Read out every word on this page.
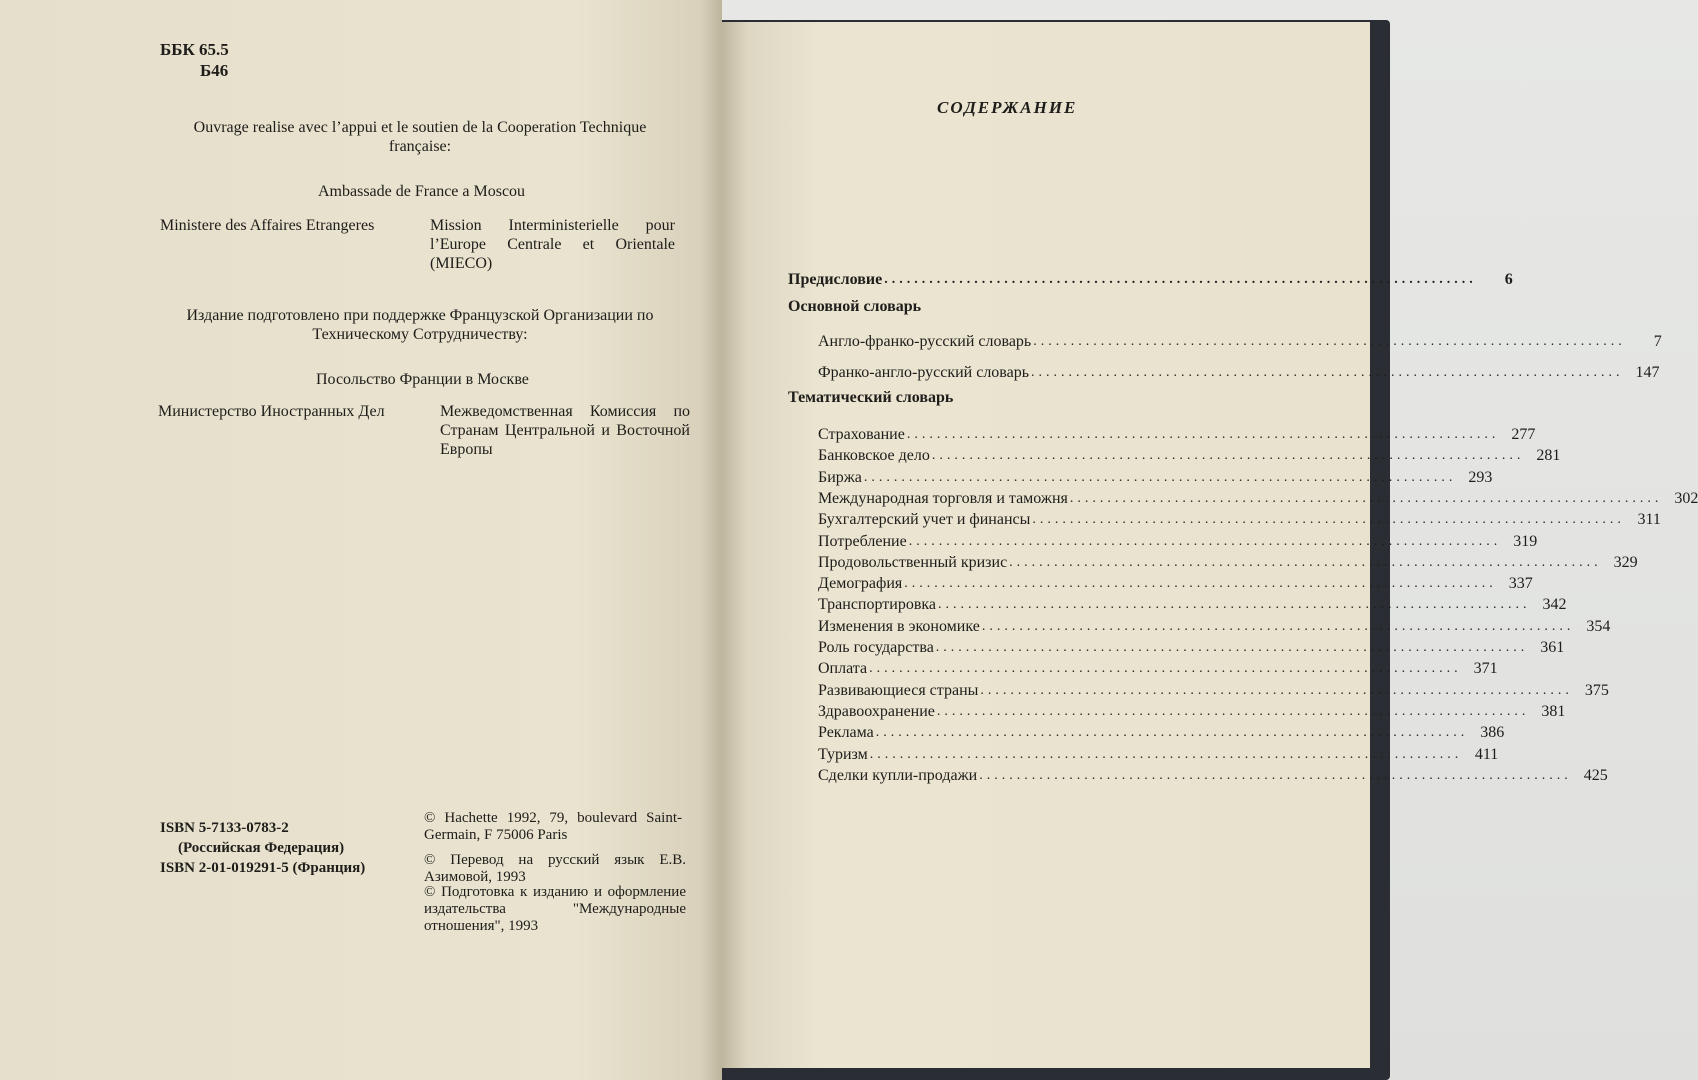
ББК 65.5
Б46
Ouvrage realise avec l’appui et le soutien de la Cooperation Technique française:
Ambassade de France a Moscou
Ministere des Affaires Etrangeres	Mission Interministerielle pour l’Europe Centrale et Orientale (MIECO)
Издание подготовлено при поддержке Французской Организации по Техническому Сотрудничеству:
Посольство Франции в Москве
Министерство Иностранных Дел	Межведомственная Комиссия по Странам Центральной и Восточной Европы
ISBN 5-7133-0783-2
(Российская Федерация)
ISBN 2-01-019291-5 (Франция)
© Hachette 1992, 79, boulevard Saint-Germain, F 75006 Paris
© Перевод на русский язык Е.В. Азимовой, 1993
© Подготовка к изданию и оформление издательства "Международные отношения", 1993
СОДЕРЖАНИЕ
Предисловие ...............................................................................	6
Основной словарь
Англо-франко-русский словарь ...............................................................................	7
Франко-англо-русский словарь ............................................................................... 147
Тематический словарь
Страхование ............................................................................... 277
Банковское дело ............................................................................... 281
Биржа ............................................................................... 293
Международная торговля и таможня ............................................................................... 302
Бухгалтерский учет и финансы ............................................................................... 311
Потребление ............................................................................... 319
Продовольственный кризис ............................................................................... 329
Демография ............................................................................... 337
Транспортировка ............................................................................... 342
Изменения в экономике ............................................................................... 354
Роль государства ............................................................................... 361
Оплата ............................................................................... 371
Развивающиеся страны ............................................................................... 375
Здравоохранение ............................................................................... 381
Реклама ............................................................................... 386
Туризм ............................................................................... 411
Сделки купли-продажи ............................................................................... 425
